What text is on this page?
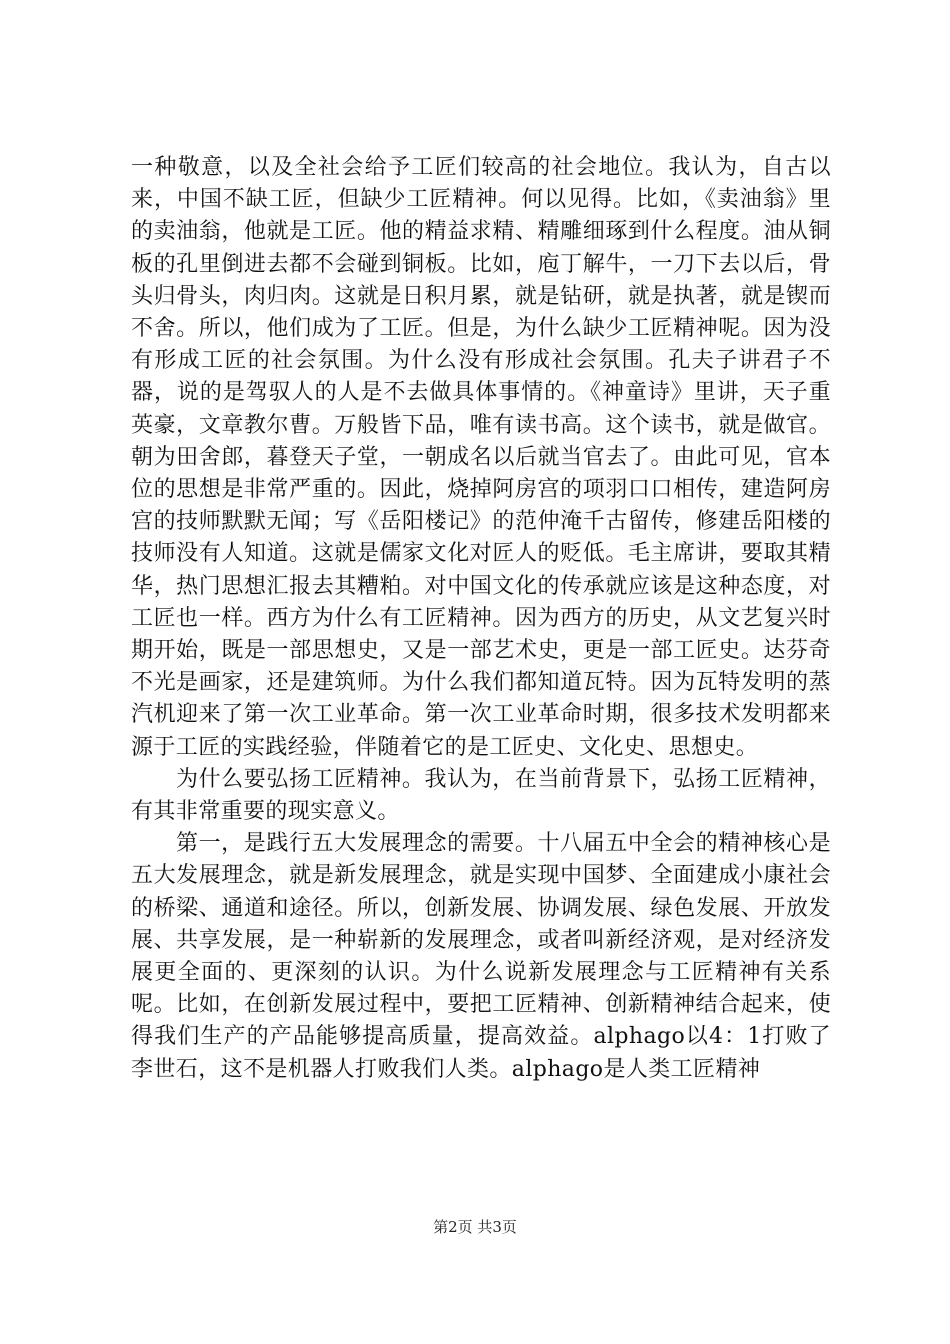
一种敬意，以及全社会给予工匠们较高的社会地位。我认为，自古以来，中国不缺工匠，但缺少工匠精神。何以见得。比如，《卖油翁》里的卖油翁，他就是工匠。他的精益求精、精雕细琢到什么程度。油从铜板的孔里倒进去都不会碰到铜板。比如，庖丁解牛，一刀下去以后，骨头归骨头，肉归肉。这就是日积月累，就是钻研，就是执著，就是锲而不舍。所以，他们成为了工匠。但是，为什么缺少工匠精神呢。因为没有形成工匠的社会氛围。为什么没有形成社会氛围。孔夫子讲君子不器，说的是驾驭人的人是不去做具体事情的。《神童诗》里讲，天子重英豪，文章教尔曹。万般皆下品，唯有读书高。这个读书，就是做官。朝为田舍郎，暮登天子堂，一朝成名以后就当官去了。由此可见，官本位的思想是非常严重的。因此，烧掉阿房宫的项羽口口相传，建造阿房宫的技师默默无闻；写《岳阳楼记》的范仲淹千古留传，修建岳阳楼的技师没有人知道。这就是儒家文化对匠人的贬低。毛主席讲，要取其精华，热门思想汇报去其糟粕。对中国文化的传承就应该是这种态度，对工匠也一样。西方为什么有工匠精神。因为西方的历史，从文艺复兴时期开始，既是一部思想史，又是一部艺术史，更是一部工匠史。达芬奇不光是画家，还是建筑师。为什么我们都知道瓦特。因为瓦特发明的蒸汽机迎来了第一次工业革命。第一次工业革命时期，很多技术发明都来源于工匠的实践经验，伴随着它的是工匠史、文化史、思想史。

为什么要弘扬工匠精神。我认为，在当前背景下，弘扬工匠精神，有其非常重要的现实意义。

第一，是践行五大发展理念的需要。十八届五中全会的精神核心是五大发展理念，就是新发展理念，就是实现中国梦、全面建成小康社会的桥梁、通道和途径。所以，创新发展、协调发展、绿色发展、开放发展、共享发展，是一种崭新的发展理念，或者叫新经济观，是对经济发展更全面的、更深刻的认识。为什么说新发展理念与工匠精神有关系呢。比如，在创新发展过程中，要把工匠精神、创新精神结合起来，使得我们生产的产品能够提高质量，提高效益。alphago以4：1打败了李世石，这不是机器人打败我们人类。alphago是人类工匠精神

第2页 共3页
